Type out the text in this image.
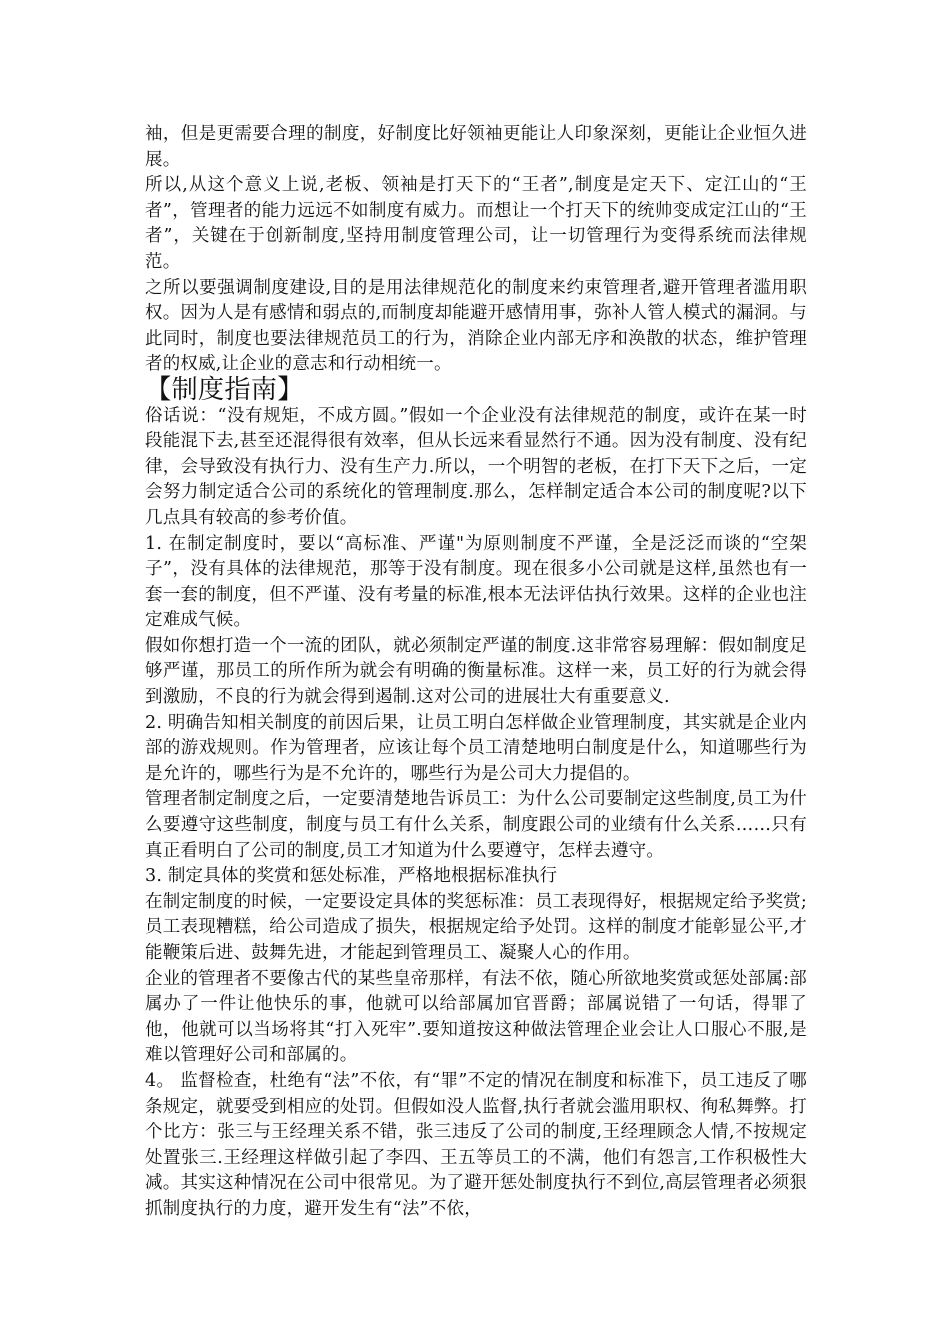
袖，但是更需要合理的制度，好制度比好领袖更能让人印象深刻，更能让企业恒久进展。

所以,从这个意义上说,老板、领袖是打天下的“王者”,制度是定天下、定江山的“王者”，管理者的能力远远不如制度有威力。而想让一个打天下的统帅变成定江山的“王者”，关键在于创新制度,坚持用制度管理公司，让一切管理行为变得系统而法律规范。

之所以要强调制度建设,目的是用法律规范化的制度来约束管理者,避开管理者滥用职权。因为人是有感情和弱点的,而制度却能避开感情用事，弥补人管人模式的漏洞。与此同时，制度也要法律规范员工的行为，消除企业内部无序和涣散的状态，维护管理者的权威,让企业的意志和行动相统一。

【制度指南】

俗话说：“没有规矩，不成方圆。”假如一个企业没有法律规范的制度，或许在某一时段能混下去,甚至还混得很有效率，但从长远来看显然行不通。因为没有制度、没有纪律，会导致没有执行力、没有生产力.所以，一个明智的老板，在打下天下之后，一定会努力制定适合公司的系统化的管理制度.那么，怎样制定适合本公司的制度呢?以下几点具有较高的参考价值。

1. 在制定制度时，要以“高标准、严谨"为原则制度不严谨，全是泛泛而谈的“空架子”，没有具体的法律规范，那等于没有制度。现在很多小公司就是这样,虽然也有一套一套的制度，但不严谨、没有考量的标准,根本无法评估执行效果。这样的企业也注定难成气候。

假如你想打造一个一流的团队，就必须制定严谨的制度.这非常容易理解：假如制度足够严谨，那员工的所作所为就会有明确的衡量标准。这样一来，员工好的行为就会得到激励，不良的行为就会得到遏制.这对公司的进展壮大有重要意义.

2. 明确告知相关制度的前因后果，让员工明白怎样做企业管理制度，其实就是企业内部的游戏规则。作为管理者，应该让每个员工清楚地明白制度是什么，知道哪些行为是允许的，哪些行为是不允许的，哪些行为是公司大力提倡的。

管理者制定制度之后，一定要清楚地告诉员工：为什么公司要制定这些制度,员工为什么要遵守这些制度，制度与员工有什么关系，制度跟公司的业绩有什么关系……只有真正看明白了公司的制度,员工才知道为什么要遵守，怎样去遵守。

3. 制定具体的奖赏和惩处标准，严格地根据标准执行

在制定制度的时候，一定要设定具体的奖惩标准：员工表现得好，根据规定给予奖赏;员工表现糟糕，给公司造成了损失，根据规定给予处罚。这样的制度才能彰显公平,才能鞭策后进、鼓舞先进，才能起到管理员工、凝聚人心的作用。

企业的管理者不要像古代的某些皇帝那样，有法不依，随心所欲地奖赏或惩处部属:部属办了一件让他快乐的事，他就可以给部属加官晋爵；部属说错了一句话，得罪了他，他就可以当场将其“打入死牢”.要知道按这种做法管理企业会让人口服心不服,是难以管理好公司和部属的。

4。 监督检查，杜绝有“法”不依，有“罪”不定的情况在制度和标准下，员工违反了哪条规定，就要受到相应的处罚。但假如没人监督,执行者就会滥用职权、徇私舞弊。打个比方：张三与王经理关系不错，张三违反了公司的制度,王经理顾念人情,不按规定处置张三.王经理这样做引起了李四、王五等员工的不满，他们有怨言,工作积极性大减。其实这种情况在公司中很常见。为了避开惩处制度执行不到位,高层管理者必须狠抓制度执行的力度，避开发生有“法”不依，
